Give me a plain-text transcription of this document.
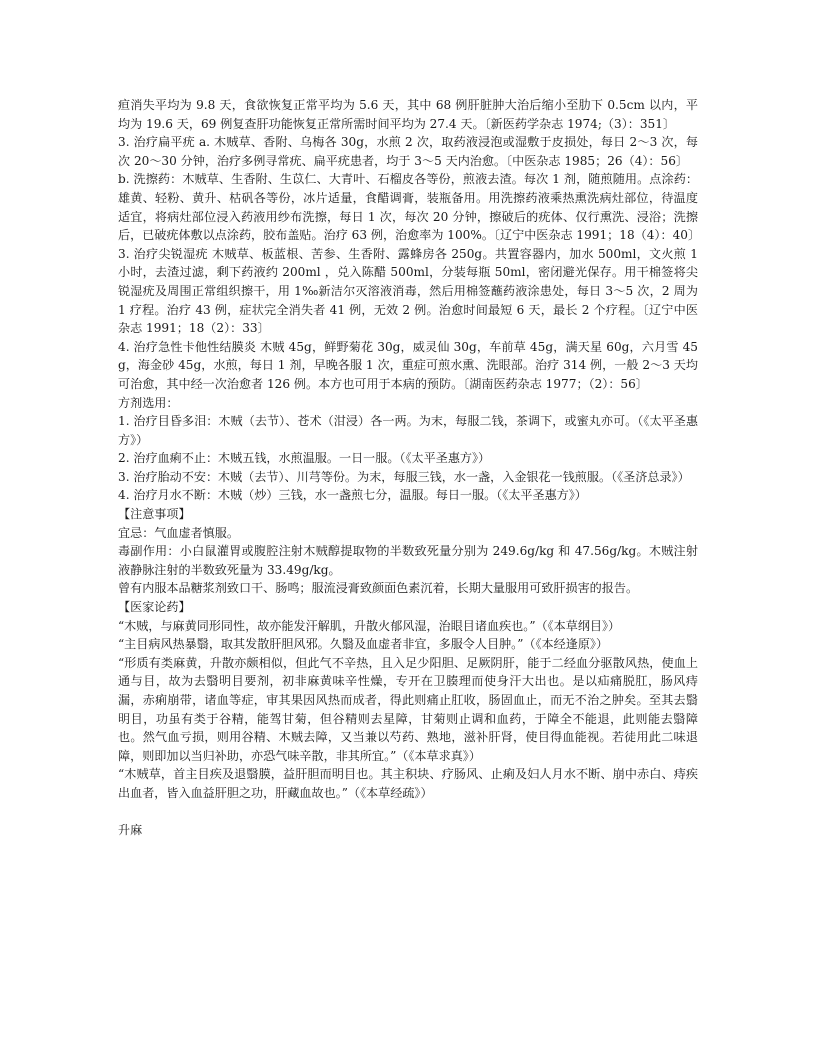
疸消失平均为 9.8 天，食欲恢复正常平均为 5.6 天，其中 68 例肝脏肿大治后缩小至肋下 0.5cm 以内，平均为 19.6 天，69 例复查肝功能恢复正常所需时间平均为 27.4 天。〔新医药学杂志 1974;（3）：351〕

3. 治疗扁平疣 a. 木贼草、香附、乌梅各 30g，水煎 2 次，取药液浸泡或湿敷于皮损处，每日 2～3 次，每次 20～30 分钟，治疗多例寻常疣、扁平疣患者，均于 3～5 天内治愈。〔中医杂志 1985；26（4）：56〕

b. 洗擦药：木贼草、生香附、生苡仁、大青叶、石榴皮各等份，煎液去渣。每次 1 剂，随煎随用。点涂药：雄黄、轻粉、黄升、枯矾各等份，冰片适量，食醋调膏，装瓶备用。用洗擦药液乘热熏洗病灶部位，待温度适宜，将病灶部位浸入药液用纱布洗擦，每日 1 次，每次 20 分钟，擦破后的疣体、仅行熏洗、浸浴；洗擦后，已破疣体敷以点涂药，胶布盖贴。治疗 63 例，治愈率为 100%。〔辽宁中医杂志 1991；18（4）：40〕

3. 治疗尖锐湿疣 木贼草、板蓝根、苦参、生香附、露蜂房各 250g。共置容器内，加水 500ml，文火煎 1 小时，去渣过滤，剩下药液约 200ml ，兑入陈醋 500ml，分装每瓶 50ml，密闭避光保存。用干棉签将尖锐湿疣及周围正常组织擦干，用 1‰新洁尔灭溶液消毒，然后用棉签蘸药液涂患处，每日 3～5 次，2 周为 1 疗程。治疗 43 例，症状完全消失者 41 例，无效 2 例。治愈时间最短 6 天，最长 2 个疗程。〔辽宁中医杂志 1991；18（2）：33〕

4. 治疗急性卡他性结膜炎 木贼 45g，鲜野菊花 30g，威灵仙 30g，车前草 45g，满天星 60g，六月雪 45g，海金砂 45g，水煎，每日 1 剂，早晚各服 1 次，重症可煎水熏、洗眼部。治疗 314 例，一般 2～3 天均可治愈，其中经一次治愈者 126 例。本方也可用于本病的预防。〔湖南医药杂志 1977；（2）：56〕

方剂选用：

1. 治疗目昏多泪：木贼（去节）、苍术（泔浸）各一两。为末，每服二钱，茶调下，或蜜丸亦可。（《太平圣惠方》）

2. 治疗血痢不止：木贼五钱，水煎温服。一日一服。（《太平圣惠方》）

3. 治疗胎动不安：木贼（去节）、川芎等份。为末，每服三钱，水一盏，入金银花一钱煎服。（《圣济总录》）

4. 治疗月水不断：木贼（炒）三钱，水一盏煎七分，温服。每日一服。（《太平圣惠方》）

【注意事项】

宜忌：气血虚者慎服。

毒副作用：小白鼠灌胃或腹腔注射木贼醇提取物的半数致死量分别为 249.6g/kg 和 47.56g/kg。木贼注射液静脉注射的半数致死量为 33.49g/kg。

曾有内服本品糖浆剂致口干、肠鸣；服流浸膏致颜面色素沉着，长期大量服用可致肝损害的报告。

【医家论药】

“木贼，与麻黄同形同性，故亦能发汗解肌，升散火郁风湿，治眼目诸血疾也。”（《本草纲目》）

“主目病风热暴翳，取其发散肝胆风邪。久翳及血虚者非宜，多服令人目肿。”（《本经逢原》）

“形质有类麻黄，升散亦颇相似，但此气不辛热，且入足少阳胆、足厥阴肝，能于二经血分驱散风热，使血上通与目，故为去翳明目要剂，初非麻黄味辛性燥，专开在卫腠理而使身汗大出也。是以疝痛脱肛，肠风痔漏，赤痢崩带，诸血等症，审其果因风热而成者，得此则痛止肛收，肠固血止，而无不治之肿矣。至其去翳明目，功虽有类于谷精，能驾甘菊，但谷精则去星障，甘菊则止调和血药，于障全不能退，此则能去翳障也。然气血亏损，则用谷精、木贼去障，又当兼以芍药、熟地，滋补肝肾，使目得血能视。若徒用此二味退障，则即加以当归补助，亦恐气味辛散，非其所宜。”（《本草求真》）

“木贼草，首主目疾及退翳膜，益肝胆而明目也。其主积块、疗肠风、止痢及妇人月水不断、崩中赤白、痔疾出血者，皆入血益肝胆之功，肝藏血故也。”（《本草经疏》）

升麻
